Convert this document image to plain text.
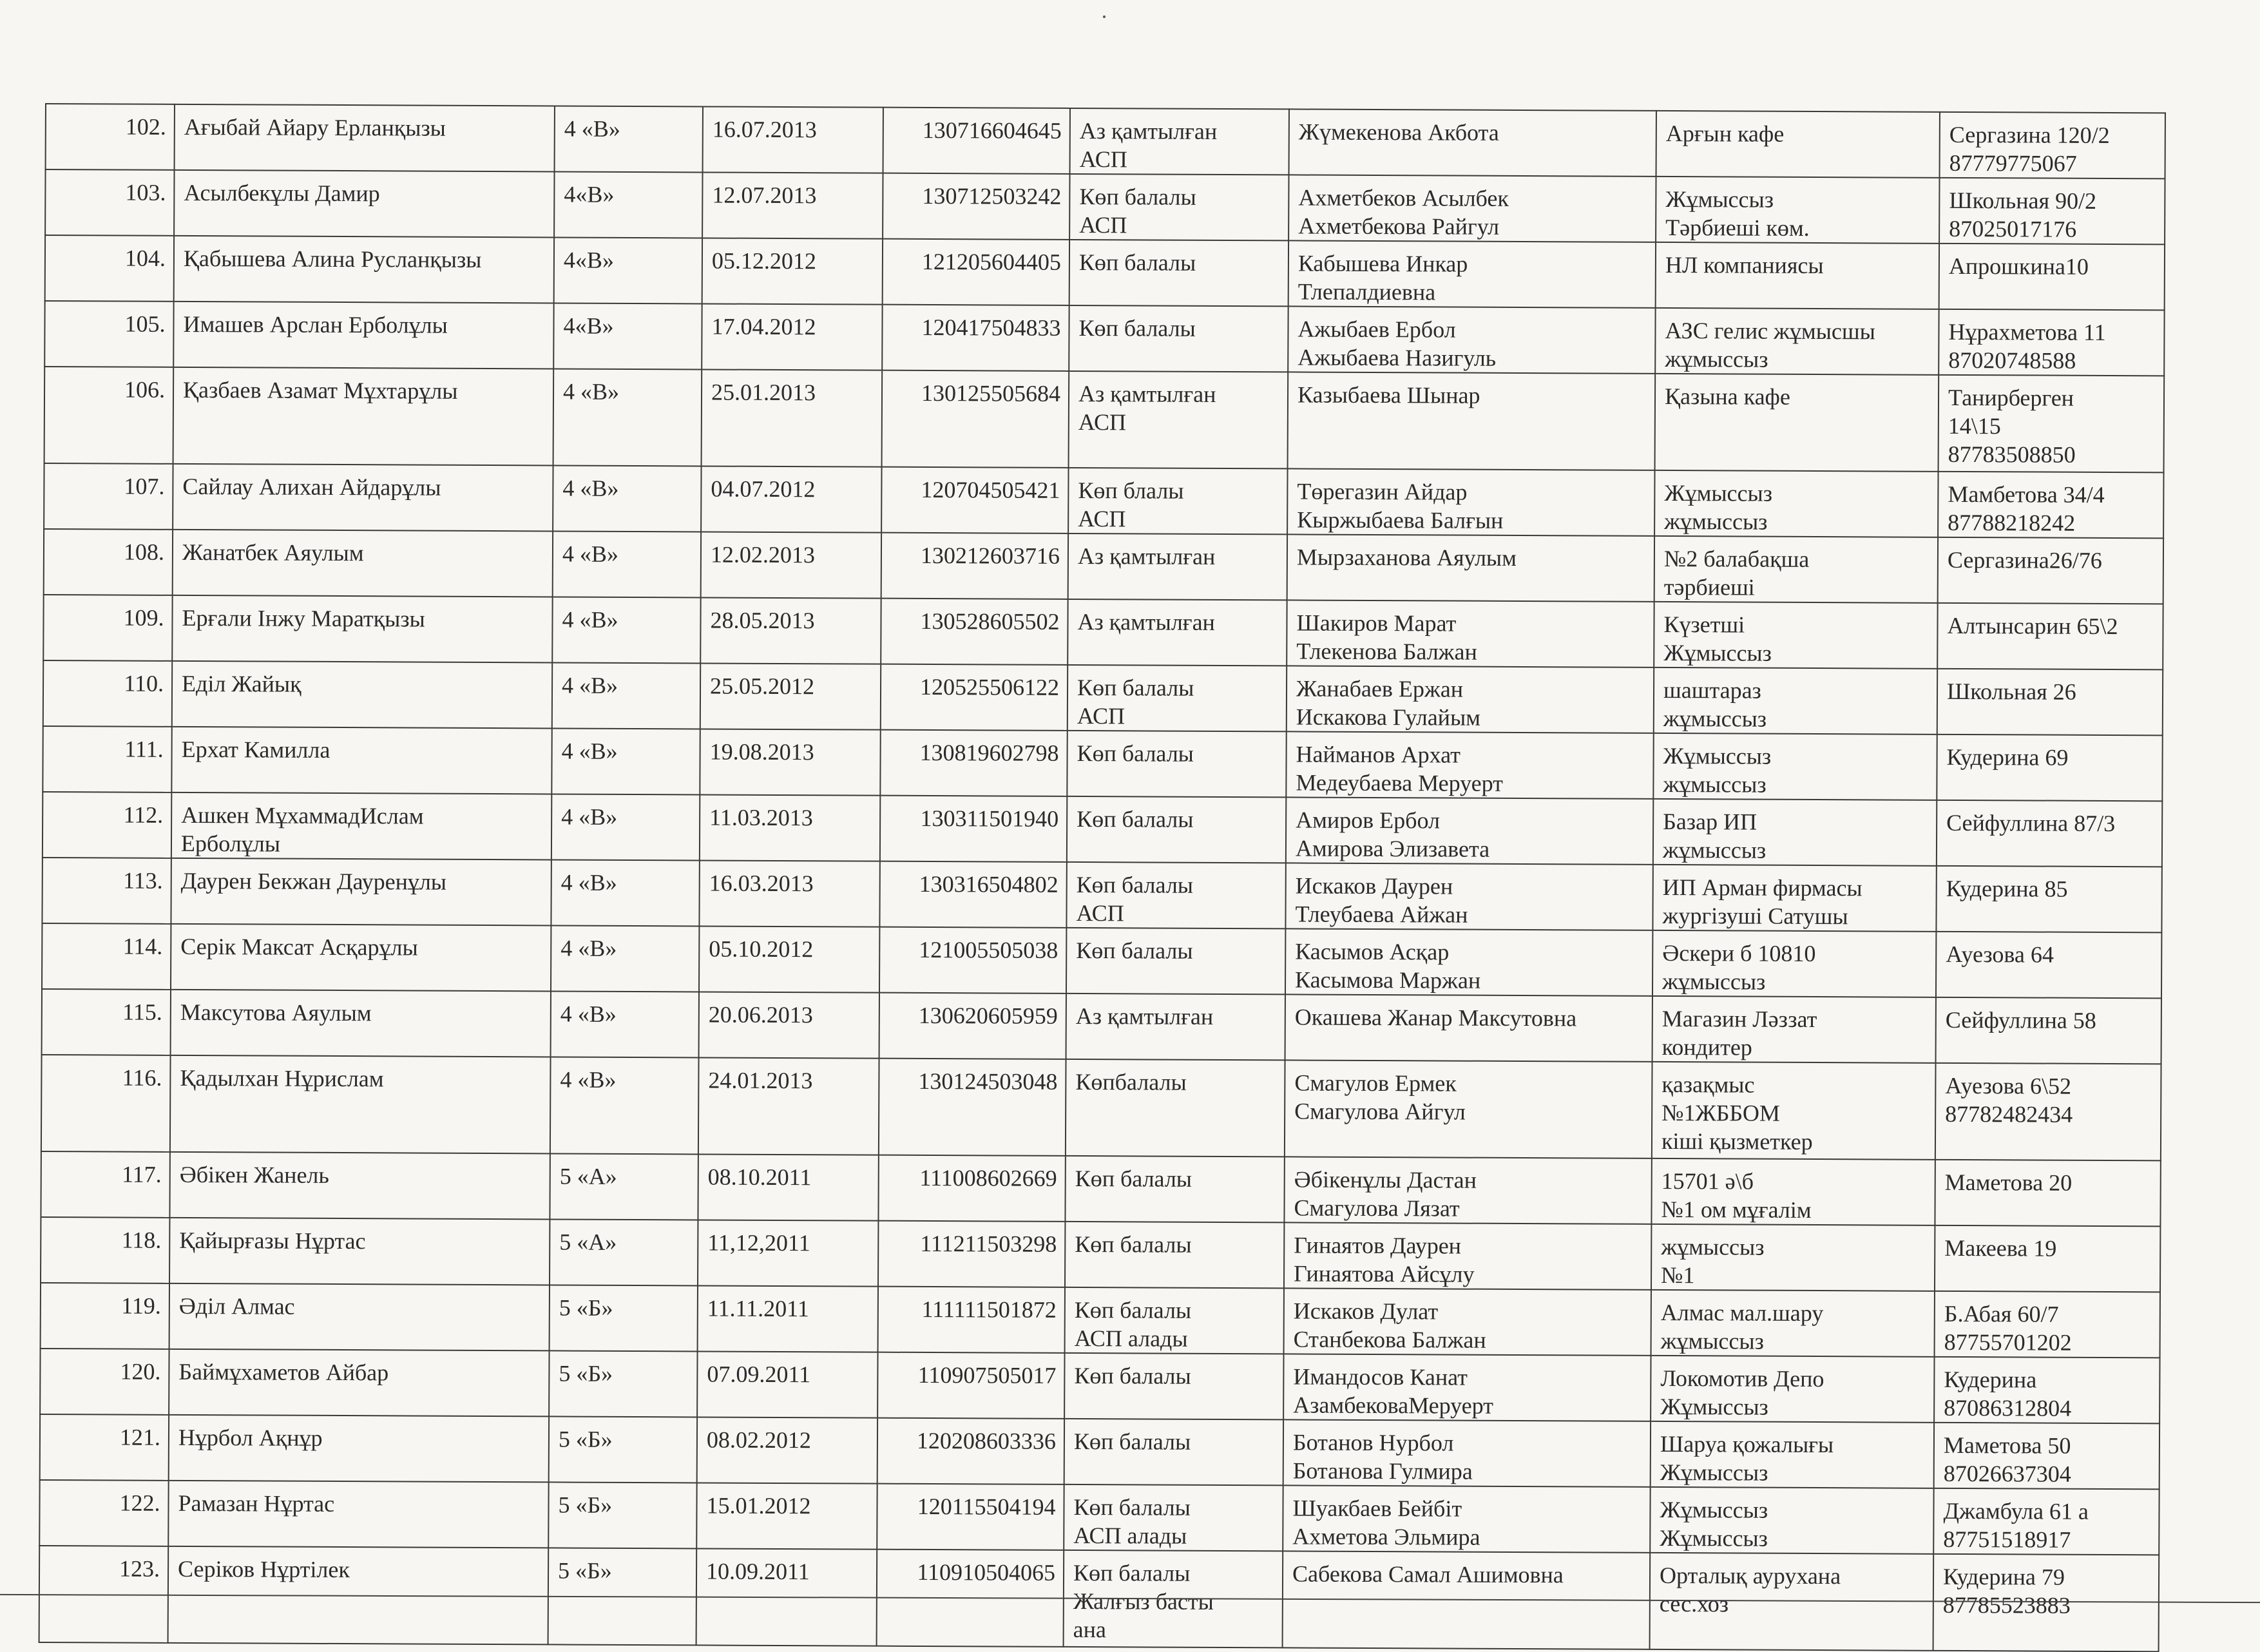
102.	Ағыбай Айару Ерланқызы	4 «В»	16.07.2013	130716604645	Аз қамтылған
АСП	Жүмекенова Акбота	Арғын кафе	Сергазина 120/2
87779775067
103.	Асылбекұлы Дамир	4«В»	12.07.2013	130712503242	Көп балалы
АСП	Ахметбеков Асылбек
Ахметбекова Райгул	Жұмыссыз
Тәрбиеші көм.	Школьная 90/2
87025017176
104.	Қабышева Алина Русланқызы	4«В»	05.12.2012	121205604405	Көп балалы	Кабышева Инкар
Тлепалдиевна	НЛ компаниясы	Апрошкина10
105.	Имашев Арслан Ерболұлы	4«В»	17.04.2012	120417504833	Көп балалы	Ажыбаев Ербол
Ажыбаева Назигуль	АЗС гелис жұмысшы
жұмыссыз	Нұрахметова 11
87020748588
106.	Қазбаев Азамат Мұхтарұлы	4 «В»	25.01.2013	130125505684	Аз қамтылған
АСП	Казыбаева Шынар	Қазына кафе	Танирберген
14\15
87783508850
107.	Сайлау Алихан Айдарұлы	4 «В»	04.07.2012	120704505421	Көп блалы
АСП	Төрегазин Айдар
Кыржыбаева Балғын	Жұмыссыз
жұмыссыз	Мамбетова 34/4
87788218242
108.	Жанатбек Аяулым	4 «В»	12.02.2013	130212603716	Аз қамтылған	Мырзаханова Аяулым	№2 балабақша
тәрбиеші	Сергазина26/76
109.	Ерғали Інжу Маратқызы	4 «В»	28.05.2013	130528605502	Аз қамтылған	Шакиров Марат
Тлекенова Балжан	Күзетші
Жұмыссыз	Алтынсарин 65\2
110.	Еділ Жайық	4 «В»	25.05.2012	120525506122	Көп балалы
АСП	Жанабаев Ержан
Искакова Гулайым	шаштараз
жұмыссыз	Школьная 26
111.	Ерхат Камилла	4 «В»	19.08.2013	130819602798	Көп балалы	Найманов Архат
Медеубаева Меруерт	Жұмыссыз
жұмыссыз	Кудерина 69
112.	Ашкен МұхаммадИслам
Ерболұлы	4 «В»	11.03.2013	130311501940	Көп балалы	Амиров Ербол
Амирова Элизавета	Базар ИП
жұмыссыз	Сейфуллина 87/3
113.	Даурен Бекжан Дауренұлы	4 «В»	16.03.2013	130316504802	Көп балалы
АСП	Искаков Даурен
Тлеубаева Айжан	ИП Арман фирмасы
жургізуші Сатушы	Кудерина 85
114.	Серік Максат Асқарұлы	4 «В»	05.10.2012	121005505038	Көп балалы	Касымов Асқар
Касымова Маржан	Әскери б 10810
жұмыссыз	Ауезова 64
115.	Максутова Аяулым	4 «В»	20.06.2013	130620605959	Аз қамтылған	Окашева Жанар Максутовна	Магазин Ләззат
кондитер	Сейфуллина 58
116.	Қадылхан Нұрислам	4 «В»	24.01.2013	130124503048	Көпбалалы	Смагулов Ермек
Смагулова Айгул	қазақмыс
№1ЖББОМ
кіші қызметкер	Ауезова 6\52
87782482434
117.	Әбікен Жанель	5 «А»	08.10.2011	111008602669	Көп балалы	Әбікенұлы Дастан
Смагулова Лязат	15701 ә\б
№1 ом мұғалім	Маметова 20
118.	Қайырғазы Нұртас	5 «А»	11,12,2011	111211503298	Көп балалы	Гинаятов Даурен
Гинаятова Айсұлу	жұмыссыз
№1	Макеева 19
119.	Әділ Алмас	5 «Б»	11.11.2011	111111501872	Көп балалы
АСП алады	Искаков Дулат
Станбекова Балжан	Алмас мал.шару
жұмыссыз	Б.Абая 60/7
87755701202
120.	Баймұхаметов Айбар	5 «Б»	07.09.2011	110907505017	Көп балалы	Имандосов Канат
АзамбековаМеруерт	Локомотив Депо
Жұмыссыз	Кудерина
87086312804
121.	Нұрбол Ақнұр	5 «Б»	08.02.2012	120208603336	Көп балалы	Ботанов Нурбол
Ботанова Гулмира	Шаруа қожалығы
Жұмыссыз	Маметова 50
87026637304
122.	Рамазан Нұртас	5 «Б»	15.01.2012	120115504194	Көп балалы
АСП алады	Шуакбаев Бейбіт
Ахметова Эльмира	Жұмыссыз
Жұмыссыз	Джамбула 61 а
87751518917
123.	Серіков Нұртілек	5 «Б»	10.09.2011	110910504065	Көп балалы
Жалғыз басты
ана	Сабекова Самал Ашимовна	Орталық аурухана
сес.хоз	Кудерина 79
87785523883
